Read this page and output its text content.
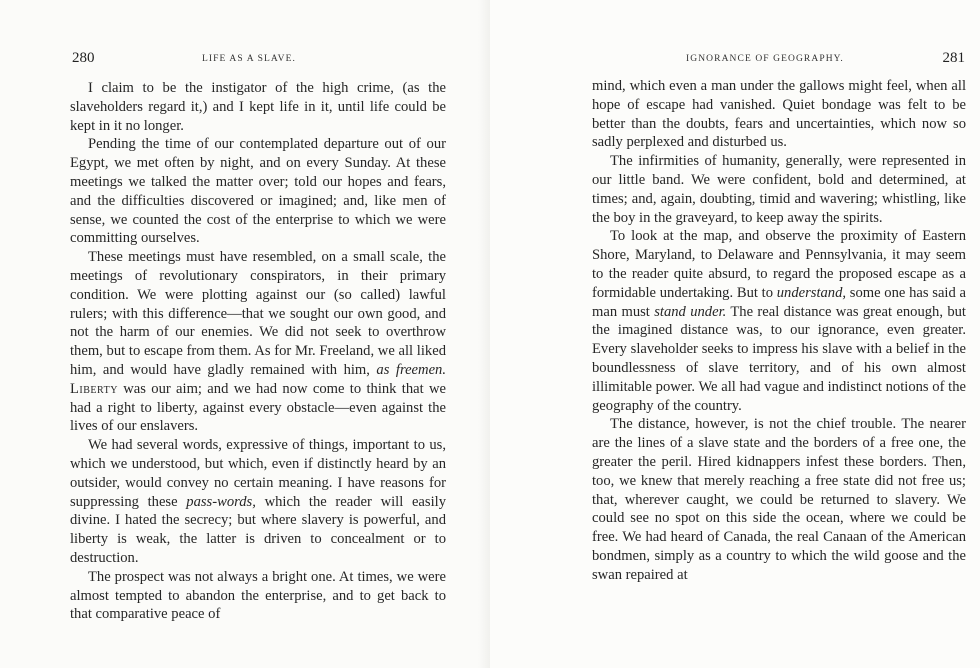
280	LIFE AS A SLAVE.

I claim to be the instigator of the high crime, (as the slaveholders regard it,) and I kept life in it, until life could be kept in it no longer.

Pending the time of our contemplated departure out of our Egypt, we met often by night, and on every Sunday. At these meetings we talked the matter over; told our hopes and fears, and the difficulties discovered or imagined; and, like men of sense, we counted the cost of the enterprise to which we were committing ourselves.

These meetings must have resembled, on a small scale, the meetings of revolutionary conspirators, in their primary condition. We were plotting against our (so called) lawful rulers; with this difference—that we sought our own good, and not the harm of our enemies. We did not seek to overthrow them, but to escape from them. As for Mr. Freeland, we all liked him, and would have gladly remained with him, as freemen. Liberty was our aim; and we had now come to think that we had a right to liberty, against every obstacle—even against the lives of our enslavers.

We had several words, expressive of things, important to us, which we understood, but which, even if distinctly heard by an outsider, would convey no certain meaning. I have reasons for suppressing these pass-words, which the reader will easily divine. I hated the secrecy; but where slavery is powerful, and liberty is weak, the latter is driven to concealment or to destruction.

The prospect was not always a bright one. At times, we were almost tempted to abandon the enterprise, and to get back to that comparative peace of

IGNORANCE OF GEOGRAPHY.	281

mind, which even a man under the gallows might feel, when all hope of escape had vanished. Quiet bondage was felt to be better than the doubts, fears and uncertainties, which now so sadly perplexed and disturbed us.

The infirmities of humanity, generally, were represented in our little band. We were confident, bold and determined, at times; and, again, doubting, timid and wavering; whistling, like the boy in the graveyard, to keep away the spirits.

To look at the map, and observe the proximity of Eastern Shore, Maryland, to Delaware and Pennsylvania, it may seem to the reader quite absurd, to regard the proposed escape as a formidable undertaking. But to understand, some one has said a man must stand under. The real distance was great enough, but the imagined distance was, to our ignorance, even greater. Every slaveholder seeks to impress his slave with a belief in the boundlessness of slave territory, and of his own almost illimitable power. We all had vague and indistinct notions of the geography of the country.

The distance, however, is not the chief trouble. The nearer are the lines of a slave state and the borders of a free one, the greater the peril. Hired kidnappers infest these borders. Then, too, we knew that merely reaching a free state did not free us; that, wherever caught, we could be returned to slavery. We could see no spot on this side the ocean, where we could be free. We had heard of Canada, the real Canaan of the American bondmen, simply as a country to which the wild goose and the swan repaired at
